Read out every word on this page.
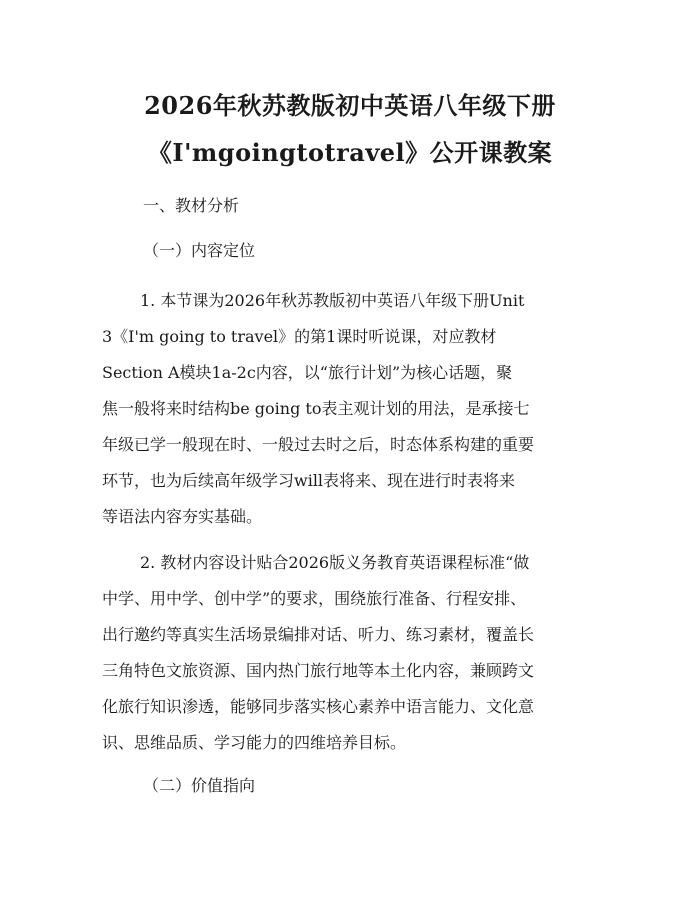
2026年秋苏教版初中英语八年级下册
《I'mgoingtotravel》公开课教案
一、教材分析
（一）内容定位
1. 本节课为2026年秋苏教版初中英语八年级下册Unit
3《I'm going to travel》的第1课时听说课，对应教材
Section A模块1a-2c内容，以“旅行计划”为核心话题，聚
焦一般将来时结构be going to表主观计划的用法，是承接七
年级已学一般现在时、一般过去时之后，时态体系构建的重要
环节，也为后续高年级学习will表将来、现在进行时表将来
等语法内容夯实基础。
2. 教材内容设计贴合2026版义务教育英语课程标准“做
中学、用中学、创中学”的要求，围绕旅行准备、行程安排、
出行邀约等真实生活场景编排对话、听力、练习素材，覆盖长
三角特色文旅资源、国内热门旅行地等本土化内容，兼顾跨文
化旅行知识渗透，能够同步落实核心素养中语言能力、文化意
识、思维品质、学习能力的四维培养目标。
（二）价值指向
